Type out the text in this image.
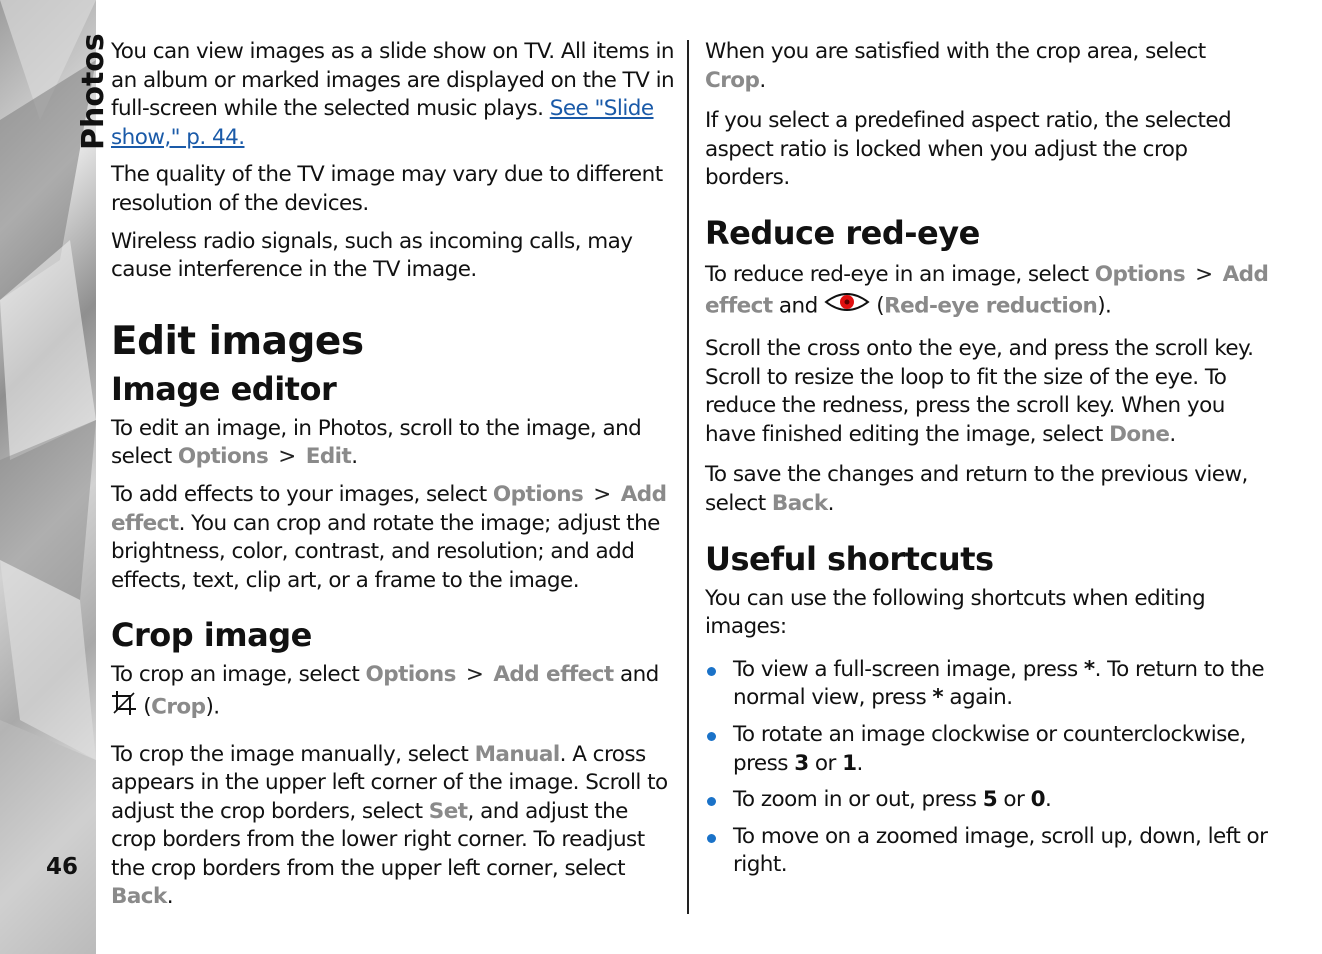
Photos
46

You can view images as a slide show on TV. All items in an album or marked images are displayed on the TV in full-screen while the selected music plays. See "Slide show," p. 44.

The quality of the TV image may vary due to different resolution of the devices.

Wireless radio signals, such as incoming calls, may cause interference in the TV image.

Edit images
Image editor

To edit an image, in Photos, scroll to the image, and select Options > Edit.

To add effects to your images, select Options > Add effect. You can crop and rotate the image; adjust the brightness, color, contrast, and resolution; and add effects, text, clip art, or a frame to the image.

Crop image

To crop an image, select Options > Add effect and
(Crop).

To crop the image manually, select Manual. A cross appears in the upper left corner of the image. Scroll to adjust the crop borders, select Set, and adjust the crop borders from the lower right corner. To readjust the crop borders from the upper left corner, select Back.

When you are satisfied with the crop area, select Crop.

If you select a predefined aspect ratio, the selected aspect ratio is locked when you adjust the crop borders.

Reduce red-eye

To reduce red-eye in an image, select Options > Add effect and  (Red-eye reduction).

Scroll the cross onto the eye, and press the scroll key. Scroll to resize the loop to fit the size of the eye. To reduce the redness, press the scroll key. When you have finished editing the image, select Done.

To save the changes and return to the previous view, select Back.

Useful shortcuts

You can use the following shortcuts when editing images:

To view a full-screen image, press *. To return to the normal view, press * again.
To rotate an image clockwise or counterclockwise, press 3 or 1.
To zoom in or out, press 5 or 0.
To move on a zoomed image, scroll up, down, left or right.
